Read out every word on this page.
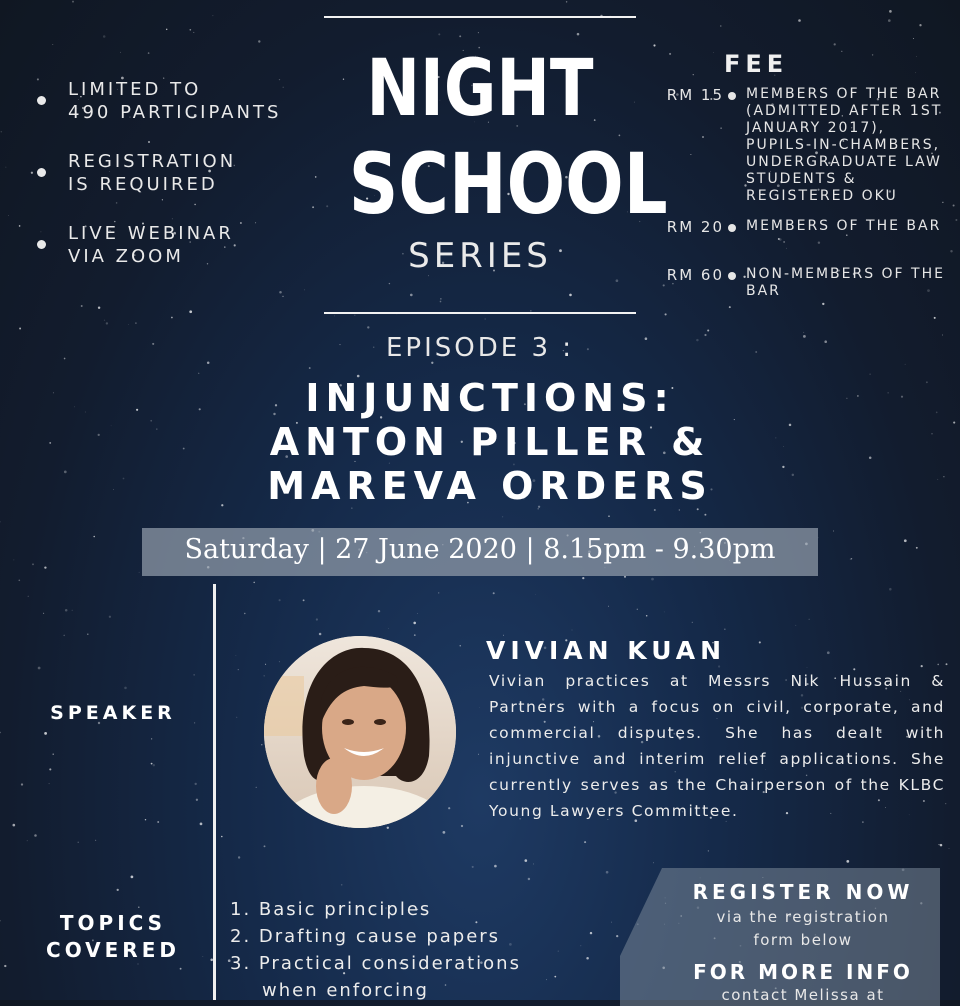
LIMITED TO
490 PARTICIPANTS
REGISTRATION
IS REQUIRED
LIVE WEBINAR
VIA ZOOM
NIGHT
SCHOOL
SERIES
FEE
RM 15 MEMBERS OF THE BAR (ADMITTED AFTER 1ST JANUARY 2017), PUPILS-IN-CHAMBERS, UNDERGRADUATE LAW STUDENTS & REGISTERED OKU
RM 20 MEMBERS OF THE BAR
RM 60 NON-MEMBERS OF THE BAR
EPISODE 3 :
INJUNCTIONS:
ANTON PILLER &
MAREVA ORDERS
Saturday | 27 June 2020 | 8.15pm - 9.30pm
SPEAKER
VIVIAN KUAN
Vivian practices at Messrs Nik Hussain & Partners with a focus on civil, corporate, and commercial disputes. She has dealt with injunctive and interim relief applications. She currently serves as the Chairperson of the KLBC Young Lawyers Committee.
TOPICS
COVERED
1. Basic principles
2. Drafting cause papers
3. Practical considerations
when enforcing
REGISTER NOW
via the registration
form below
FOR MORE INFO
contact Melissa at
